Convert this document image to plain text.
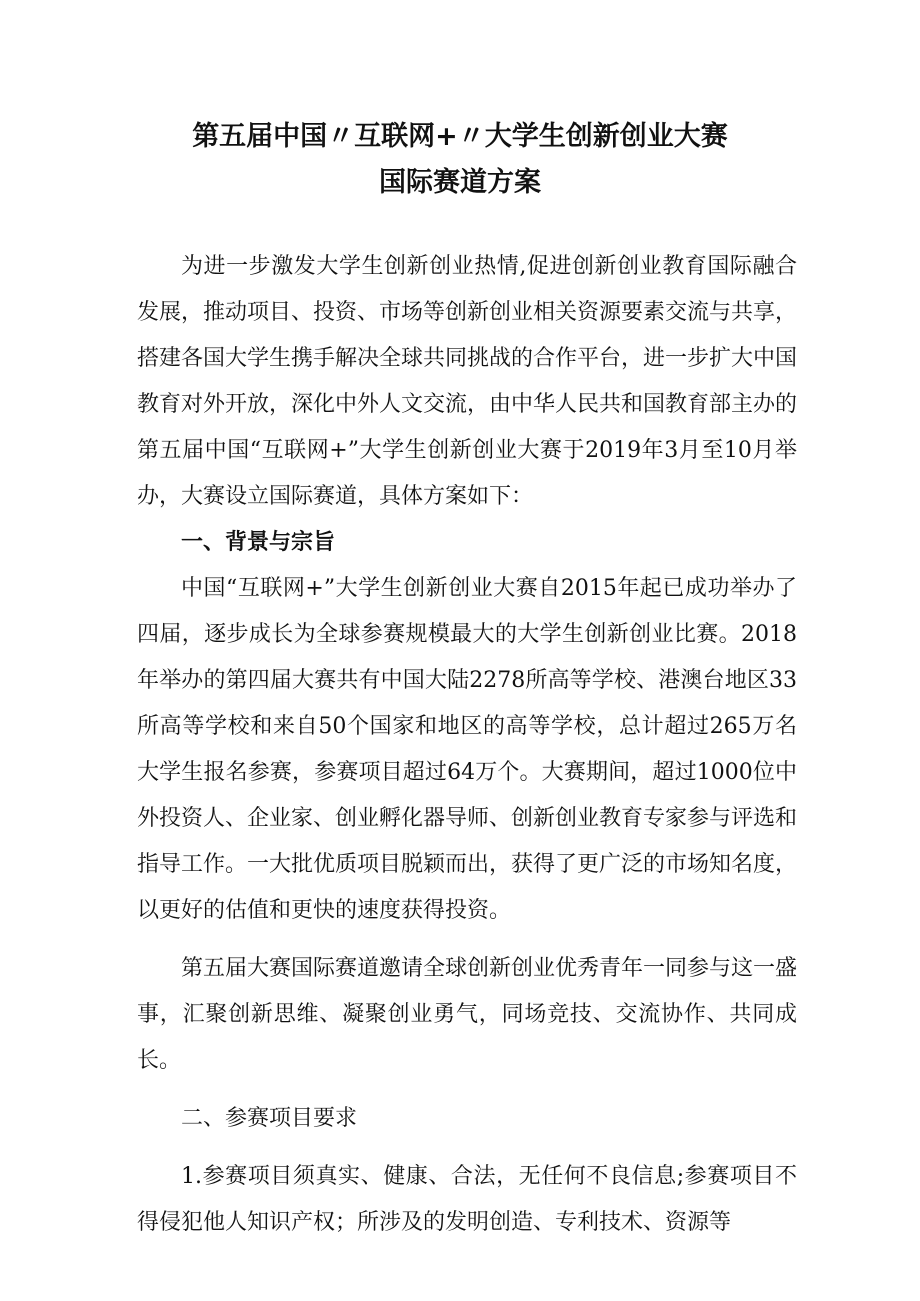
第五届中国〃互联网+〃大学生创新创业大赛
国际赛道方案

为进一步激发大学生创新创业热情,促进创新创业教育国际融合发展，推动项目、投资、市场等创新创业相关资源要素交流与共享，搭建各国大学生携手解决全球共同挑战的合作平台，进一步扩大中国教育对外开放，深化中外人文交流，由中华人民共和国教育部主办的第五届中国“互联网+”大学生创新创业大赛于2019年3月至10月举办，大赛设立国际赛道，具体方案如下：

一、背景与宗旨

中国“互联网+”大学生创新创业大赛自2015年起已成功举办了四届，逐步成长为全球参赛规模最大的大学生创新创业比赛。2018年举办的第四届大赛共有中国大陆2278所高等学校、港澳台地区33所高等学校和来自50个国家和地区的高等学校，总计超过265万名大学生报名参赛，参赛项目超过64万个。大赛期间，超过1000位中外投资人、企业家、创业孵化器导师、创新创业教育专家参与评选和指导工作。一大批优质项目脱颖而出，获得了更广泛的市场知名度，以更好的估值和更快的速度获得投资。

第五届大赛国际赛道邀请全球创新创业优秀青年一同参与这一盛事，汇聚创新思维、凝聚创业勇气，同场竞技、交流协作、共同成长。

二、参赛项目要求

1.参赛项目须真实、健康、合法，无任何不良信息;参赛项目不得侵犯他人知识产权；所涉及的发明创造、专利技术、资源等
